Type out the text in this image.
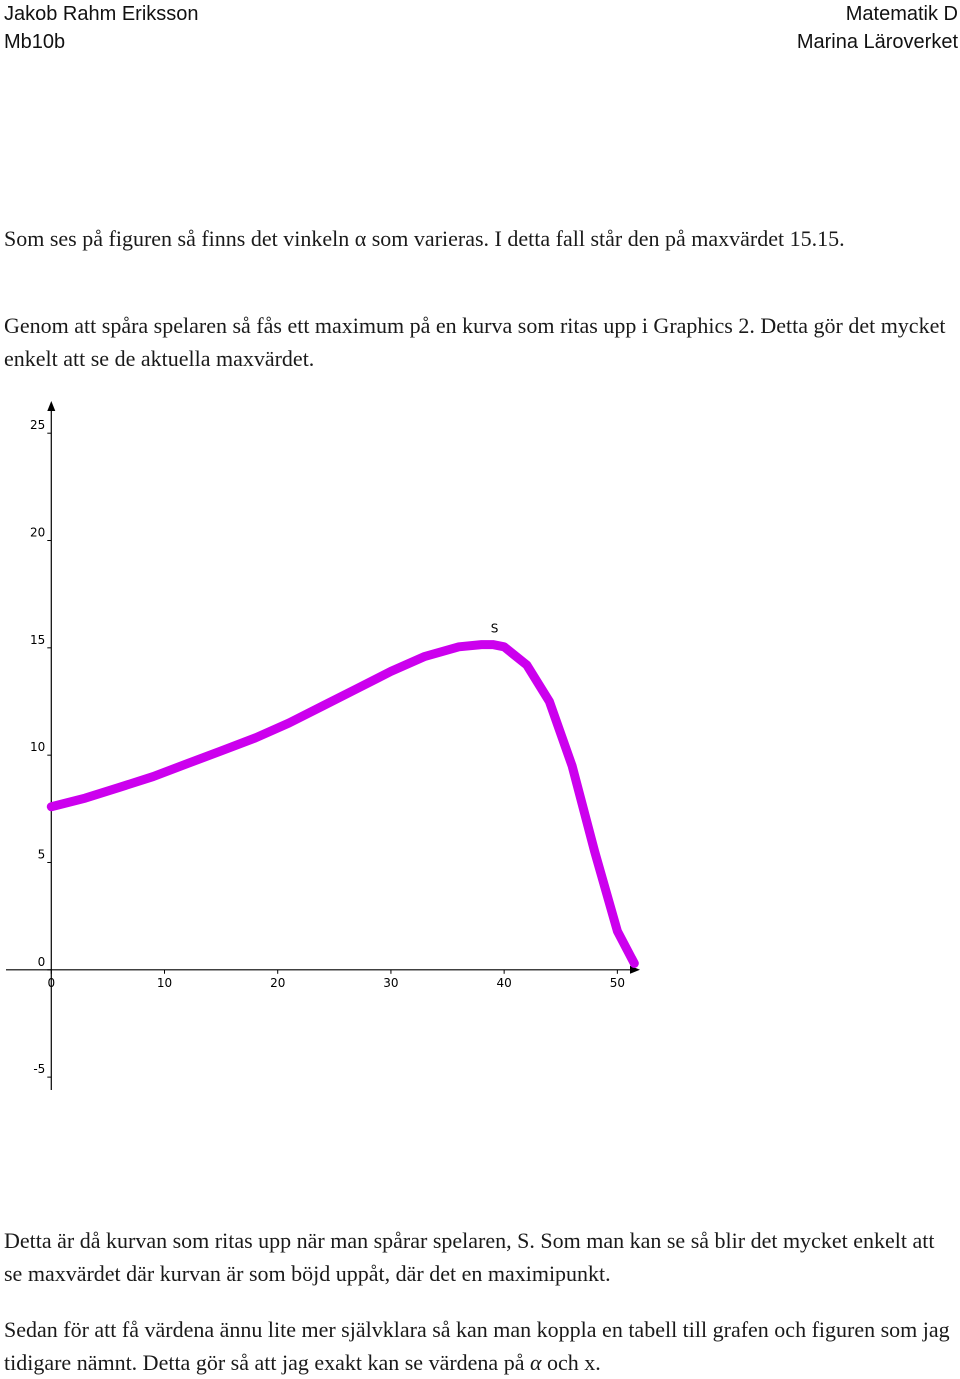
Jakob Rahm Eriksson
Mb10b
Matematik D
Marina Läroverket

Som ses på figuren så finns det vinkeln α som varieras. I detta fall står den på maxvärdet 15.15.

Genom att spåra spelaren så fås ett maximum på en kurva som ritas upp i Graphics 2. Detta gör det mycket enkelt att se de aktuella maxvärdet.

0	10	20	30	40	50
25
20
15
10
5
0
-5
S

Detta är då kurvan som ritas upp när man spårar spelaren, S. Som man kan se så blir det mycket enkelt att se maxvärdet där kurvan är som böjd uppåt, där det en maximipunkt.

Sedan för att få värdena ännu lite mer självklara så kan man koppla en tabell till grafen och figuren som jag tidigare nämnt. Detta gör så att jag exakt kan se värdena på α och x.
